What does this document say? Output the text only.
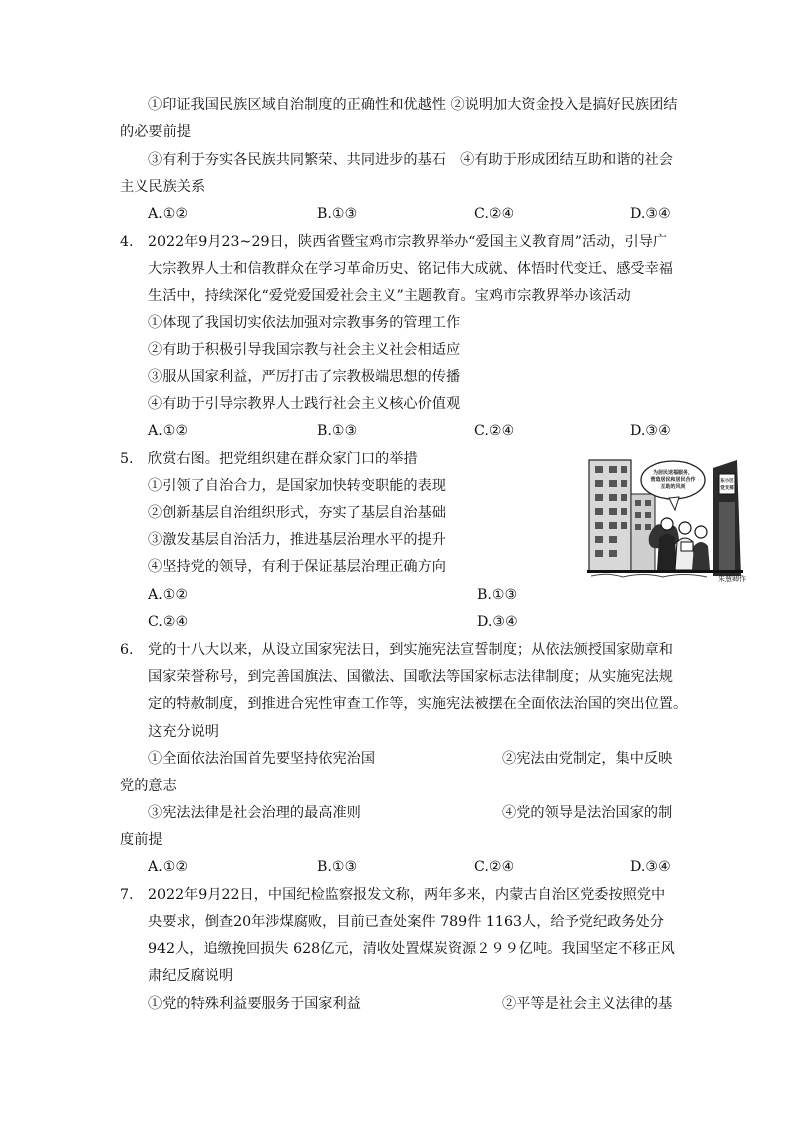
①印证我国民族区域自治制度的正确性和优越性 ②说明加大资金投入是搞好民族团结
的必要前提
③有利于夯实各民族共同繁荣、共同进步的基石　④有助于形成团结互助和谐的社会
主义民族关系
A.①②	B.①③	C.②④	D.③④
4. 2022年9月23~29日，陕西省暨宝鸡市宗教界举办“爱国主义教育周”活动，引导广
大宗教界人士和信教群众在学习革命历史、铭记伟大成就、体悟时代变迁、感受幸福
生活中，持续深化“爱党爱国爱社会主义”主题教育。宝鸡市宗教界举办该活动
①体现了我国切实依法加强对宗教事务的管理工作
②有助于积极引导我国宗教与社会主义社会相适应
③服从国家利益，严厉打击了宗教极端思想的传播
④有助于引导宗教界人士践行社会主义核心价值观
A.①②	B.①③	C.②④	D.③④
5. 欣赏右图。把党组织建在群众家门口的举措
①引领了自治合力，是国家加快转变职能的表现
②创新基层自治组织形式，夯实了基层自治基础
③激发基层自治活力，推进基层治理水平的提升
④坚持党的领导，有利于保证基层治理正确方向
A.①②	B.①③
C.②④	D.③④
为居民送福服务，
营造居民和居民合作
互助的风尚
东小区
党支部
朱慧卿作
6. 党的十八大以来，从设立国家宪法日，到实施宪法宣誓制度；从依法颁授国家勋章和
国家荣誉称号，到完善国旗法、国徽法、国歌法等国家标志法律制度；从实施宪法规
定的特赦制度，到推进合宪性审查工作等，实施宪法被摆在全面依法治国的突出位置。
这充分说明
①全面依法治国首先要坚持依宪治国	②宪法由党制定，集中反映
党的意志
③宪法法律是社会治理的最高准则	④党的领导是法治国家的制
度前提
A.①②	B.①③	C.②④	D.③④
7. 2022年9月22日，中国纪检监察报发文称，两年多来，内蒙古自治区党委按照党中
央要求，倒查20年涉煤腐败，目前已查处案件 789件 1163人，给予党纪政务处分
942人，追缴挽回损失 628亿元，清收处置煤炭资源２９９亿吨。我国坚定不移正风
肃纪反腐说明
①党的特殊利益要服务于国家利益	②平等是社会主义法律的基
